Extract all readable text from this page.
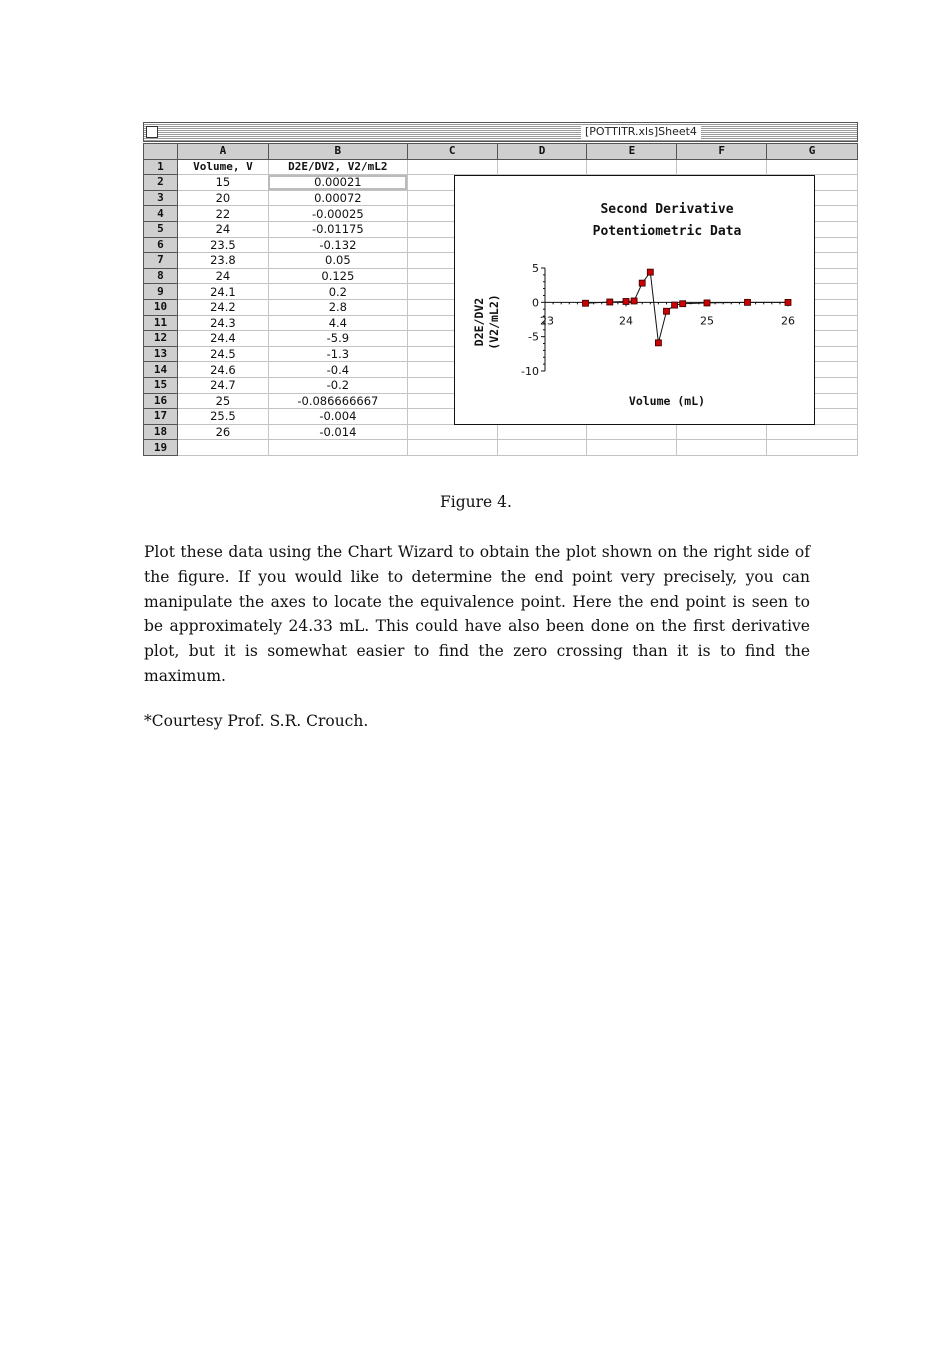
[POTTITR.xls]Sheet4
	A	B	C	D	E	F	G
1	Volume, V	D2E/DV2, V2/mL2					
2	15	0.00021					
3	20	0.00072					
4	22	-0.00025					
5	24	-0.01175					
6	23.5	-0.132					
7	23.8	0.05					
8	24	0.125					
9	24.1	0.2					
10	24.2	2.8					
11	24.3	4.4					
12	24.4	-5.9					
13	24.5	-1.3					
14	24.6	-0.4					
15	24.7	-0.2					
16	25	-0.086666667					
17	25.5	-0.004					
18	26	-0.014					
19							
Second Derivative
Potentiometric Data
Volume (mL)
D2E/DV2 (V2/mL2)
5
0
-5
-10
23	24	25	26
Figure 4.
Plot these data using the Chart Wizard to obtain the plot shown on the right side of the figure. If you would like to determine the end point very precisely, you can manipulate the axes to locate the equivalence point. Here the end point is seen to be approximately 24.33 mL. This could have also been done on the first derivative plot, but it is somewhat easier to find the zero crossing than it is to find the maximum.
*Courtesy Prof. S.R. Crouch.
